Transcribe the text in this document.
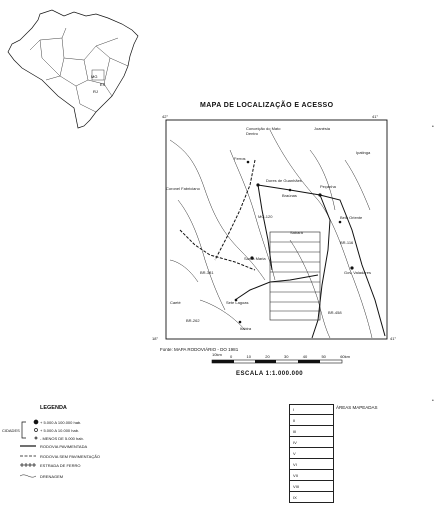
MG
ES
RJ
•
•
MAPA DE LOCALIZAÇÃO E ACESSO
42°	41°
18°	41°
Conceição do Mato Dentro
Ferros
Dores de Guanhães
Peçanha
Braúnas
Joanésia
Belo Oriente
Gov. Valadares
Sete Lagoas
Santa Maria
Itabira
Coronel Fabriciano
Ipatinga
Sabará
Caeté
BR-116
BR-381
MG-120
BR-262
BR-458
Fonte: MAPA RODOVIÁRIO - DO 1981
10km 0	10	20	30	40	50	60km
ESCALA 1:1.000.000
LEGENDA
CIDADES
+ 5.000 A 100.000 hab.
+ 5.000 A 10.000 hab.
- MENOS DE 5.000 hab.
RODOVIA PAVIMENTADA
RODOVIA SEM PAVIMENTAÇÃO
ESTRADA DE FERRO
DRENAGEM
ÁREAS MAPEADAS
I
II
III
IV
V
VI
VII
VIII
IX
